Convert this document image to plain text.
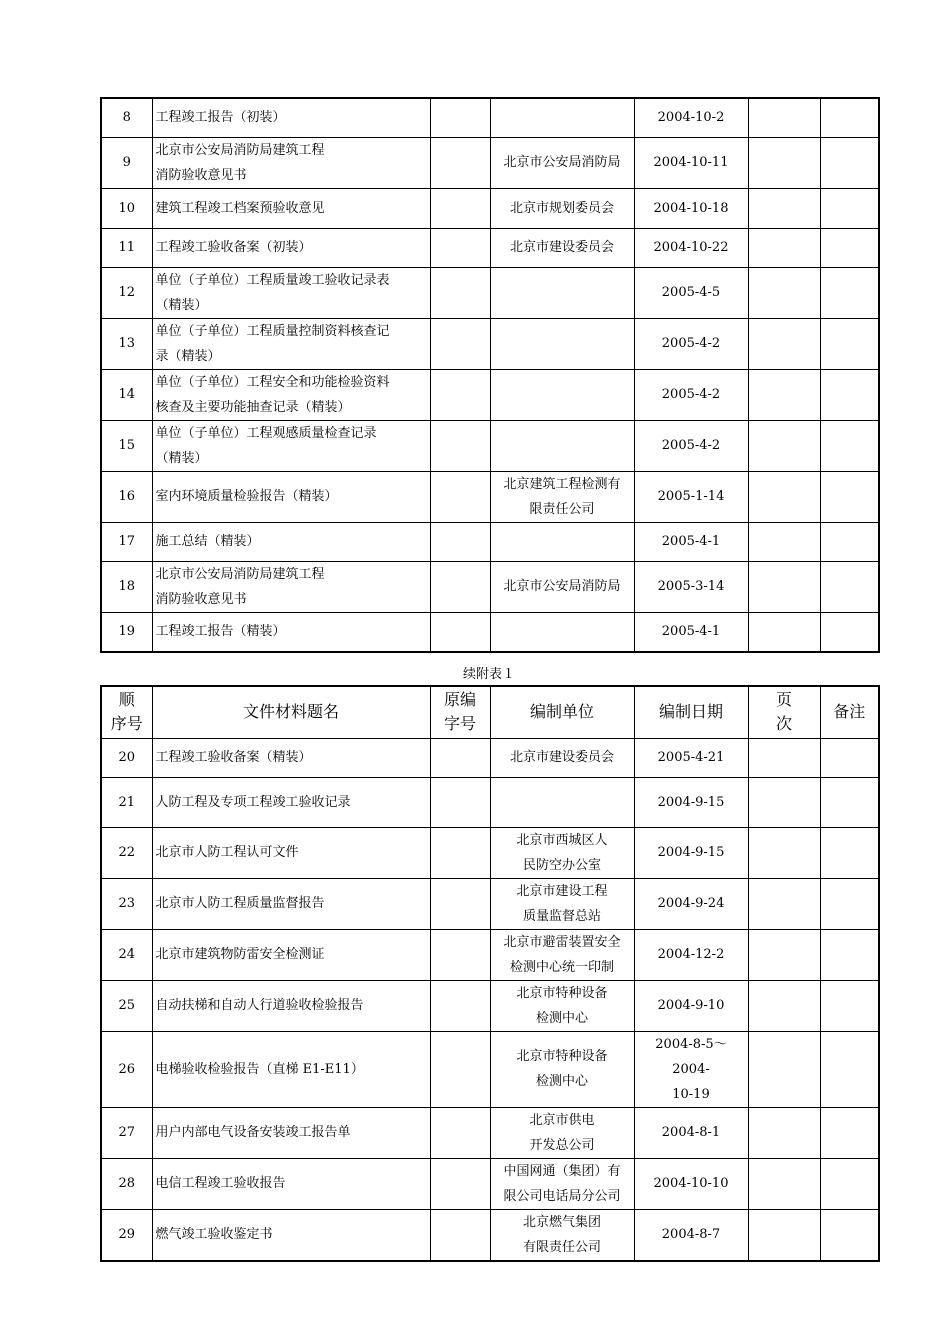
8	工程竣工报告（初装）			2004-10-2		

9	北京市公安局消防局建筑工程
消防验收意见书		北京市公安局消防局	2004-10-11		

10	建筑工程竣工档案预验收意见		北京市规划委员会	2004-10-18		

11	工程竣工验收备案（初装）		北京市建设委员会	2004-10-22		

12	单位（子单位）工程质量竣工验收记录表
（精装）			2005-4-5		

13	单位（子单位）工程质量控制资料核查记
录（精装）			2005-4-2		

14	单位（子单位）工程安全和功能检验资料
核查及主要功能抽查记录（精装）			2005-4-2		

15	单位（子单位）工程观感质量检查记录
（精装）			2005-4-2		

16	室内环境质量检验报告（精装）		北京建筑工程检测有
限责任公司	2005-1-14		

17	施工总结（精装）			2005-4-1		

18	北京市公安局消防局建筑工程
消防验收意见书		北京市公安局消防局	2005-3-14		

19	工程竣工报告（精装）			2005-4-1		

续附表１
顺
序号	文件材料题名	原编
字号	编制单位	编制日期	页
次	备注

20	工程竣工验收备案（精装）		北京市建设委员会	2005-4-21		

21	人防工程及专项工程竣工验收记录			2004-9-15		

22	北京市人防工程认可文件		北京市西城区人
民防空办公室	2004-9-15		

23	北京市人防工程质量监督报告		北京市建设工程
质量监督总站	2004-9-24		

24	北京市建筑物防雷安全检测证		北京市避雷装置安全
检测中心统一印制	2004-12-2		

25	自动扶梯和自动人行道验收检验报告		北京市特种设备
检测中心	2004-9-10		

26	电梯验收检验报告（直梯 E1-E11）		北京市特种设备
检测中心	2004-8-5～2004-
10-19		

27	用户内部电气设备安装竣工报告单		北京市供电
开发总公司	2004-8-1		

28	电信工程竣工验收报告		中国网通（集团）有
限公司电话局分公司	2004-10-10		

29	燃气竣工验收鉴定书		北京燃气集团
有限责任公司	2004-8-7		
